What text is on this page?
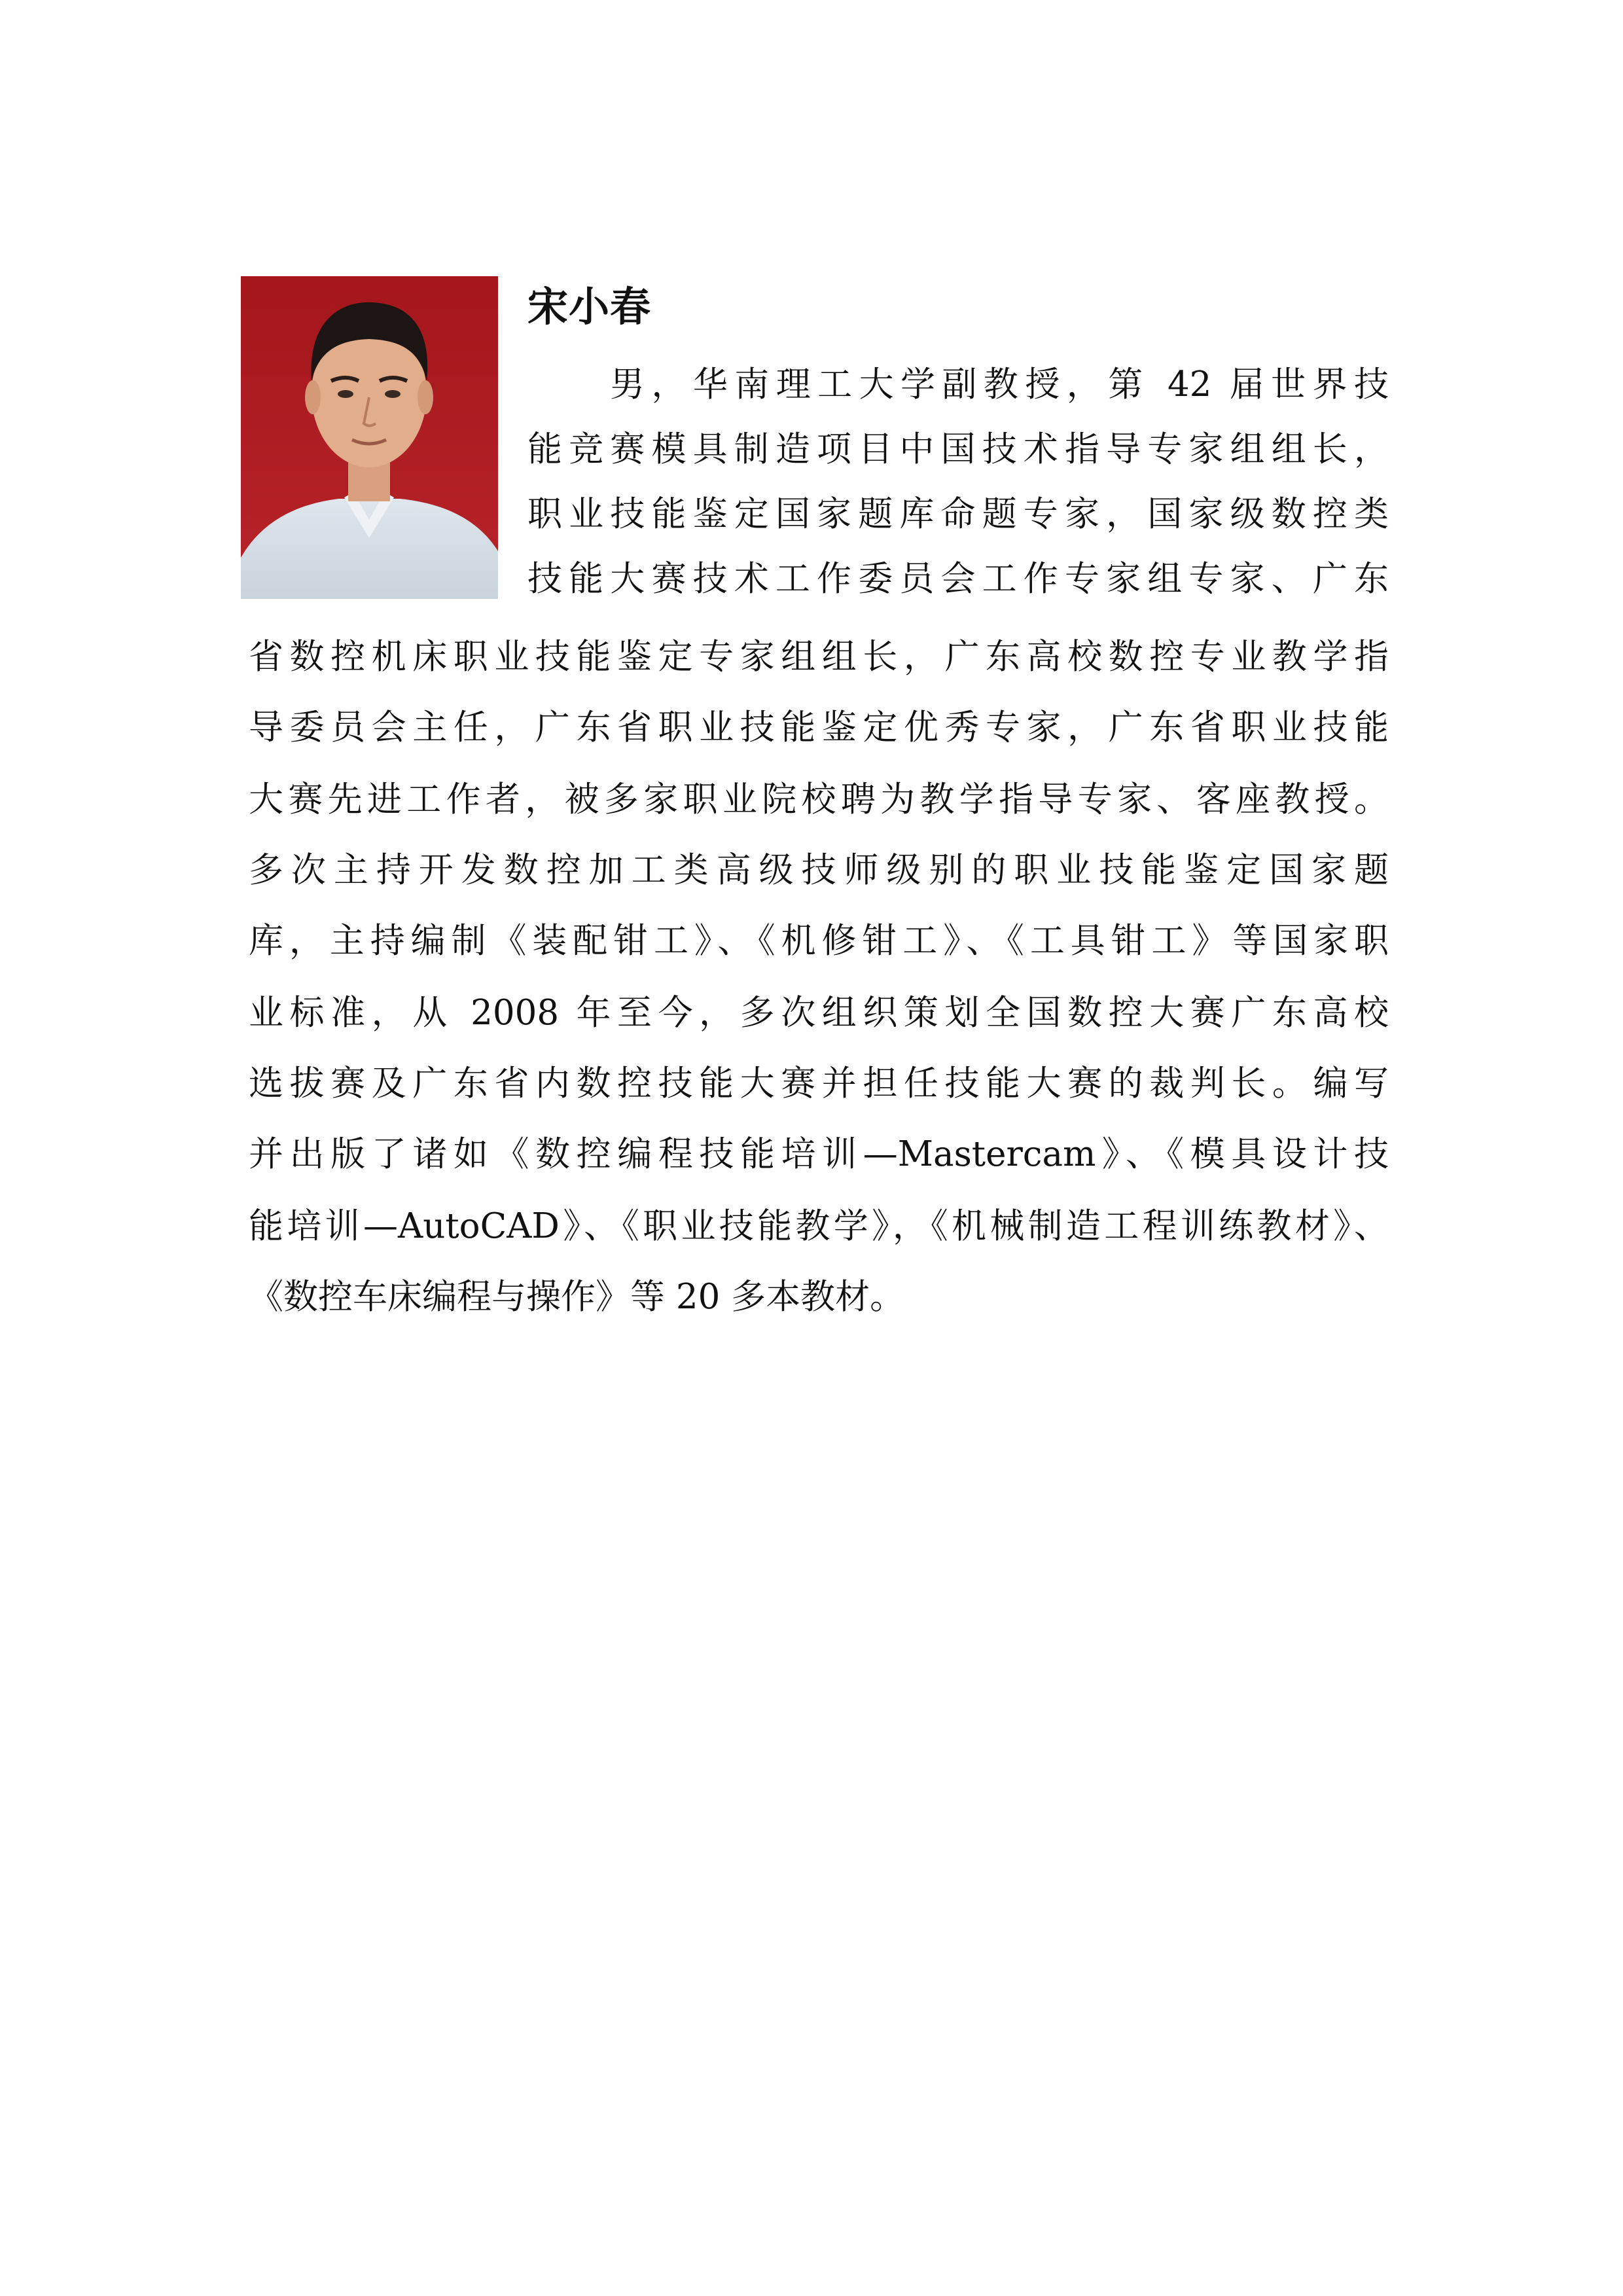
宋小春
男，华南理工大学副教授，第 42 届世界技
能竞赛模具制造项目中国技术指导专家组组长，
职业技能鉴定国家题库命题专家，国家级数控类
技能大赛技术工作委员会工作专家组专家、广东
省数控机床职业技能鉴定专家组组长，广东高校数控专业教学指
导委员会主任，广东省职业技能鉴定优秀专家，广东省职业技能
大赛先进工作者，被多家职业院校聘为教学指导专家、客座教授。
多次主持开发数控加工类高级技师级别的职业技能鉴定国家题
库，主持编制《装配钳工》、《机修钳工》、《工具钳工》等国家职
业标准，从 2008 年至今，多次组织策划全国数控大赛广东高校
选拔赛及广东省内数控技能大赛并担任技能大赛的裁判长。编写
并出版了诸如《数控编程技能培训—Mastercam》、《模具设计技
能培训—AutoCAD》、《职业技能教学》，《机械制造工程训练教材》、
《数控车床编程与操作》等 20 多本教材。
